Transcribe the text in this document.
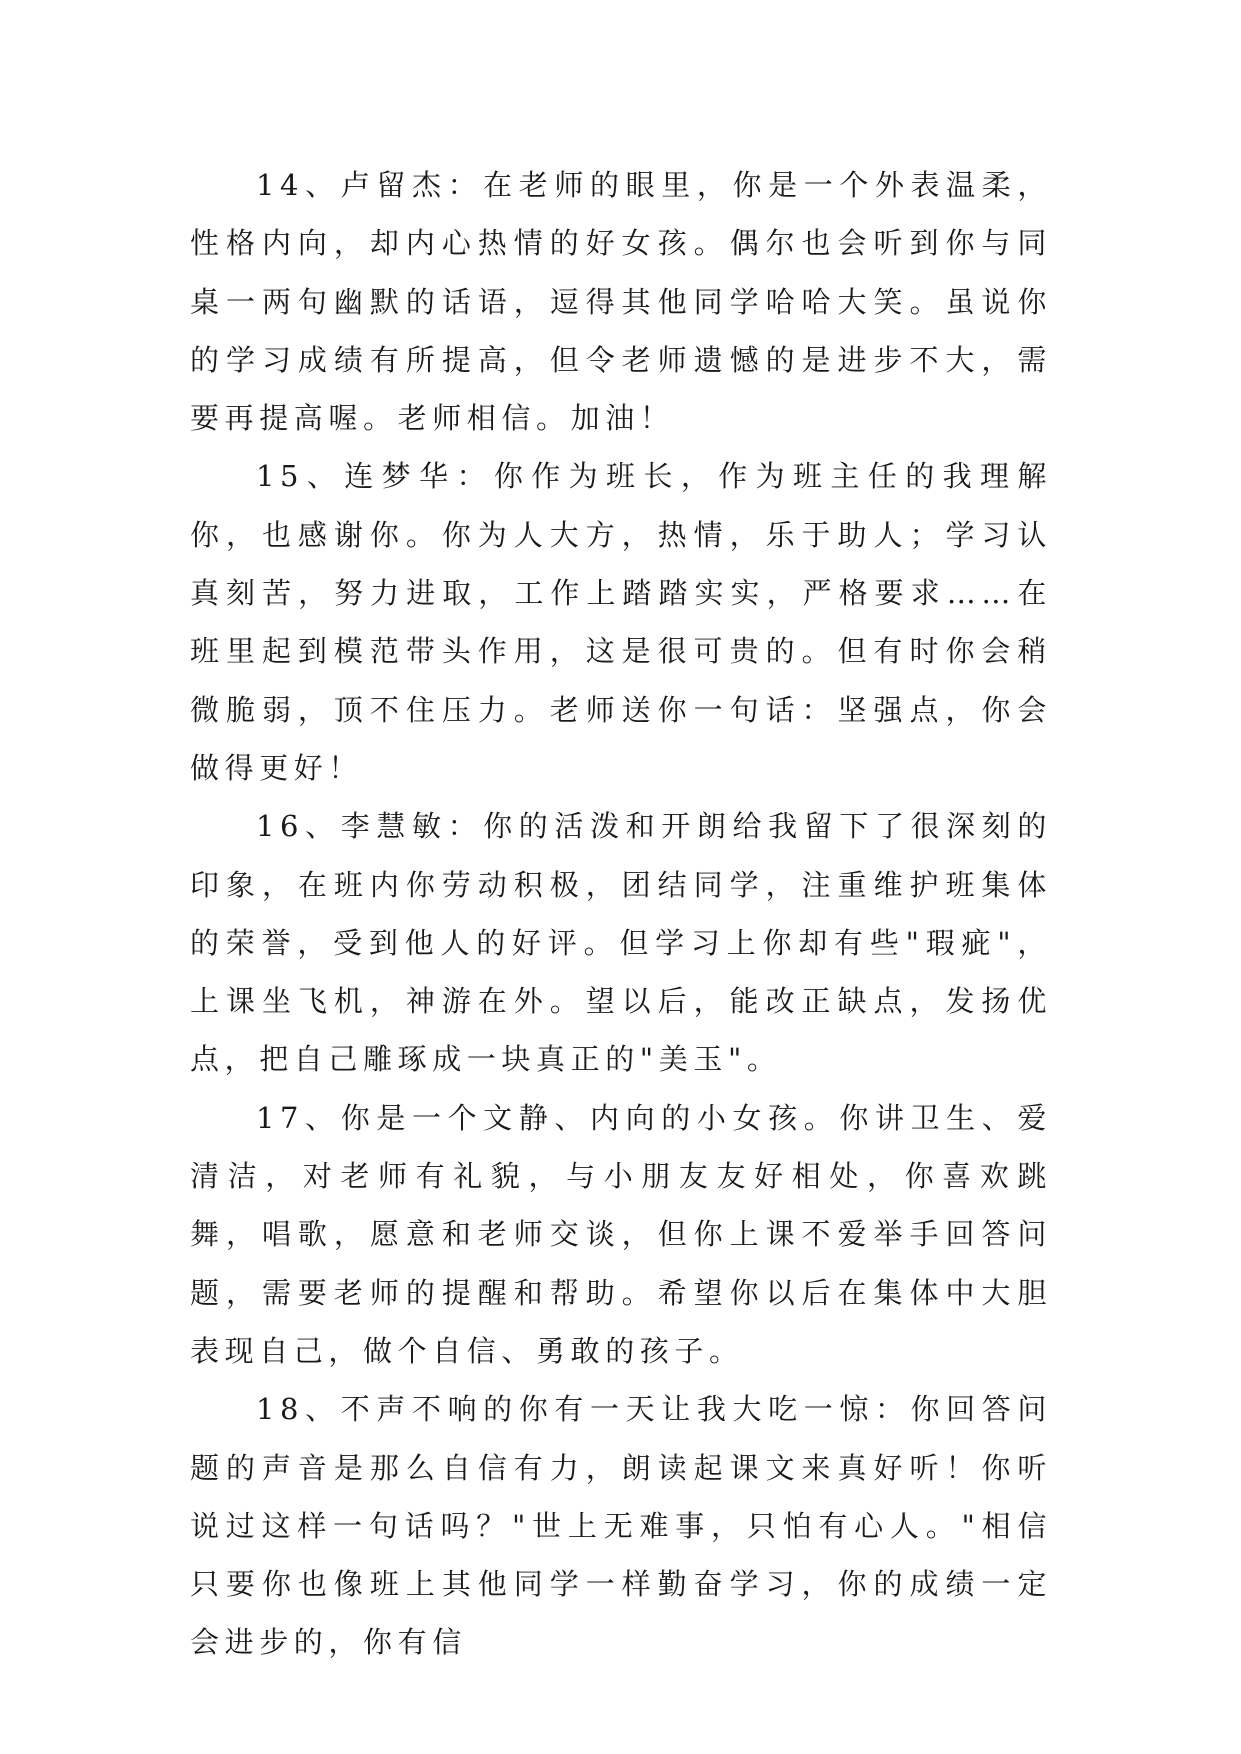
14、卢留杰：在老师的眼里，你是一个外表温柔，性格内向，却内心热情的好女孩。偶尔也会听到你与同桌一两句幽默的话语，逗得其他同学哈哈大笑。虽说你的学习成绩有所提高，但令老师遗憾的是进步不大，需要再提高喔。老师相信。加油！

15、连梦华：你作为班长，作为班主任的我理解你，也感谢你。你为人大方，热情，乐于助人；学习认真刻苦，努力进取，工作上踏踏实实，严格要求……在班里起到模范带头作用，这是很可贵的。但有时你会稍微脆弱，顶不住压力。老师送你一句话：坚强点，你会做得更好！

16、李慧敏：你的活泼和开朗给我留下了很深刻的印象，在班内你劳动积极，团结同学，注重维护班集体的荣誉，受到他人的好评。但学习上你却有些"瑕疵"，上课坐飞机，神游在外。望以后，能改正缺点，发扬优点，把自己雕琢成一块真正的"美玉"。

17、你是一个文静、内向的小女孩。你讲卫生、爱清洁，对老师有礼貌，与小朋友友好相处，你喜欢跳舞，唱歌，愿意和老师交谈，但你上课不爱举手回答问题，需要老师的提醒和帮助。希望你以后在集体中大胆表现自己，做个自信、勇敢的孩子。

18、不声不响的你有一天让我大吃一惊：你回答问题的声音是那么自信有力，朗读起课文来真好听！你听说过这样一句话吗？"世上无难事，只怕有心人。"相信只要你也像班上其他同学一样勤奋学习，你的成绩一定会进步的，你有信
